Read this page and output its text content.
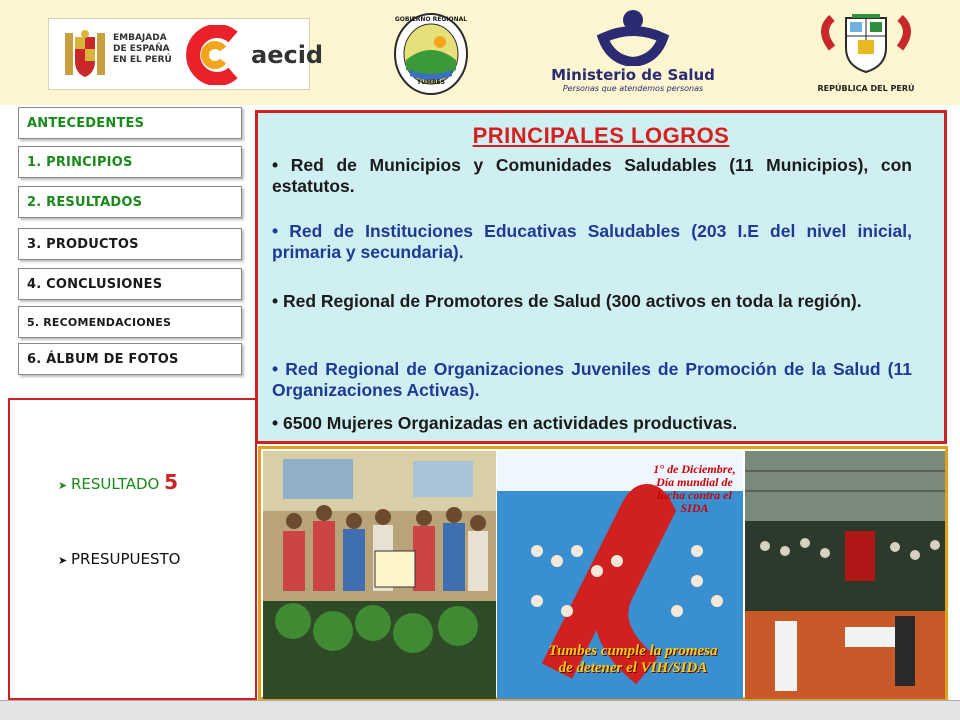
EMBAJADA
DE ESPAÑA
EN EL PERÚ	aecid
GOBIERNO REGIONAL
TUMBES	Ministerio de Salud
Personas que atendemos personas	REPÚBLICA DEL PERÚ
ANTECEDENTES
1. PRINCIPIOS
2. RESULTADOS
3. PRODUCTOS
4. CONCLUSIONES
5. RECOMENDACIONES
6. ÁLBUM DE FOTOS
➤ RESULTADO 5
➤ PRESUPUESTO
PRINCIPALES LOGROS
• Red de Municipios y Comunidades Saludables (11 Municipios), con estatutos.
• Red de Instituciones Educativas Saludables (203 I.E del nivel inicial, primaria y secundaria).
• Red Regional de Promotores de Salud (300 activos en toda la región).
• Red Regional de Organizaciones Juveniles de Promoción de la Salud (11 Organizaciones Activas).
• 6500 Mujeres Organizadas en actividades productivas.
1° de Diciembre, Día mundial de lucha contra el SIDA
Tumbes cumple la promesa de detener el VIH/SIDA
